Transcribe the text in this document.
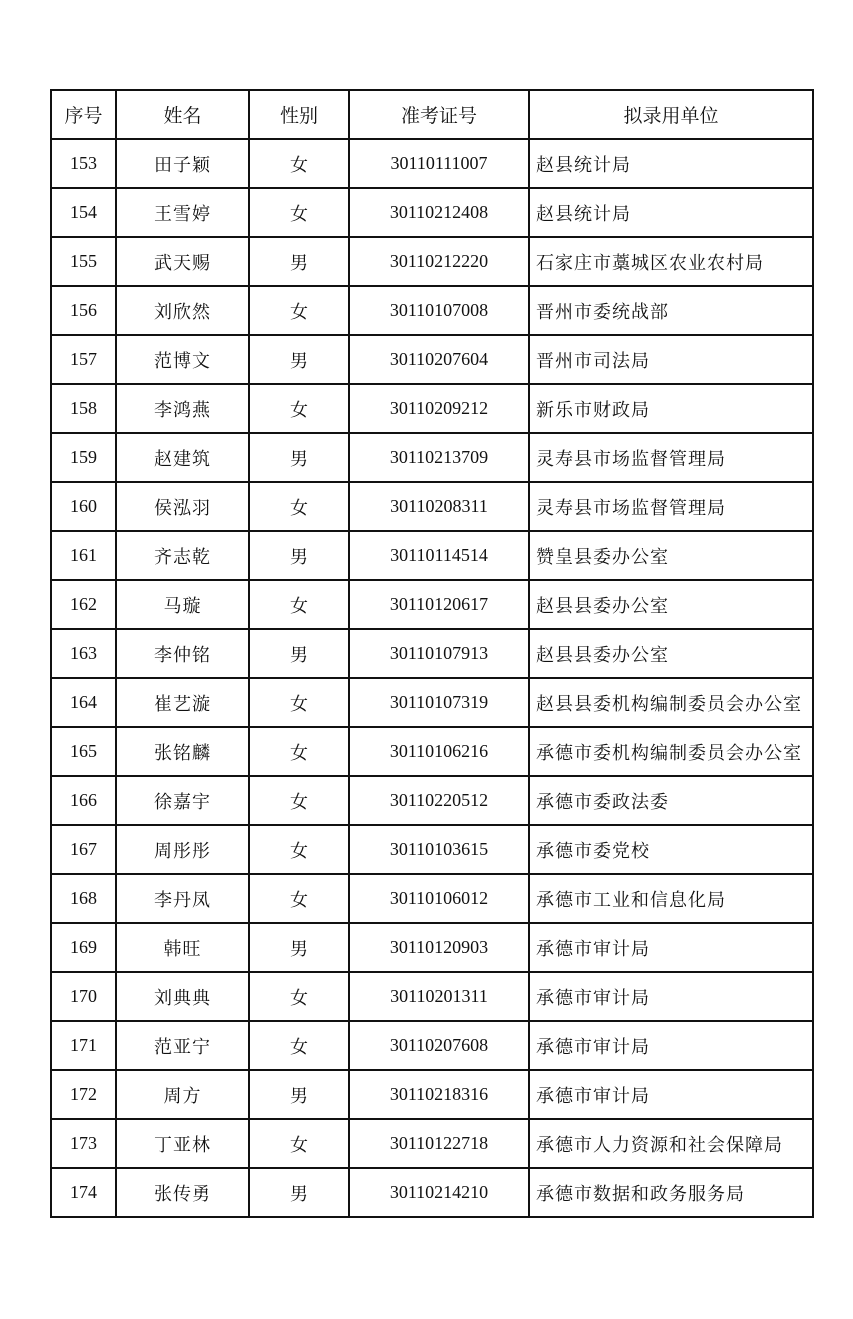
序号	姓名	性别	准考证号	拟录用单位
153	田子颖	女	30110111007	赵县统计局
154	王雪婷	女	30110212408	赵县统计局
155	武天赐	男	30110212220	石家庄市藁城区农业农村局
156	刘欣然	女	30110107008	晋州市委统战部
157	范博文	男	30110207604	晋州市司法局
158	李鸿燕	女	30110209212	新乐市财政局
159	赵建筑	男	30110213709	灵寿县市场监督管理局
160	侯泓羽	女	30110208311	灵寿县市场监督管理局
161	齐志乾	男	30110114514	赞皇县委办公室
162	马璇	女	30110120617	赵县县委办公室
163	李仲铭	男	30110107913	赵县县委办公室
164	崔艺漩	女	30110107319	赵县县委机构编制委员会办公室
165	张铭麟	女	30110106216	承德市委机构编制委员会办公室
166	徐嘉宇	女	30110220512	承德市委政法委
167	周彤彤	女	30110103615	承德市委党校
168	李丹凤	女	30110106012	承德市工业和信息化局
169	韩旺	男	30110120903	承德市审计局
170	刘典典	女	30110201311	承德市审计局
171	范亚宁	女	30110207608	承德市审计局
172	周方	男	30110218316	承德市审计局
173	丁亚林	女	30110122718	承德市人力资源和社会保障局
174	张传勇	男	30110214210	承德市数据和政务服务局
